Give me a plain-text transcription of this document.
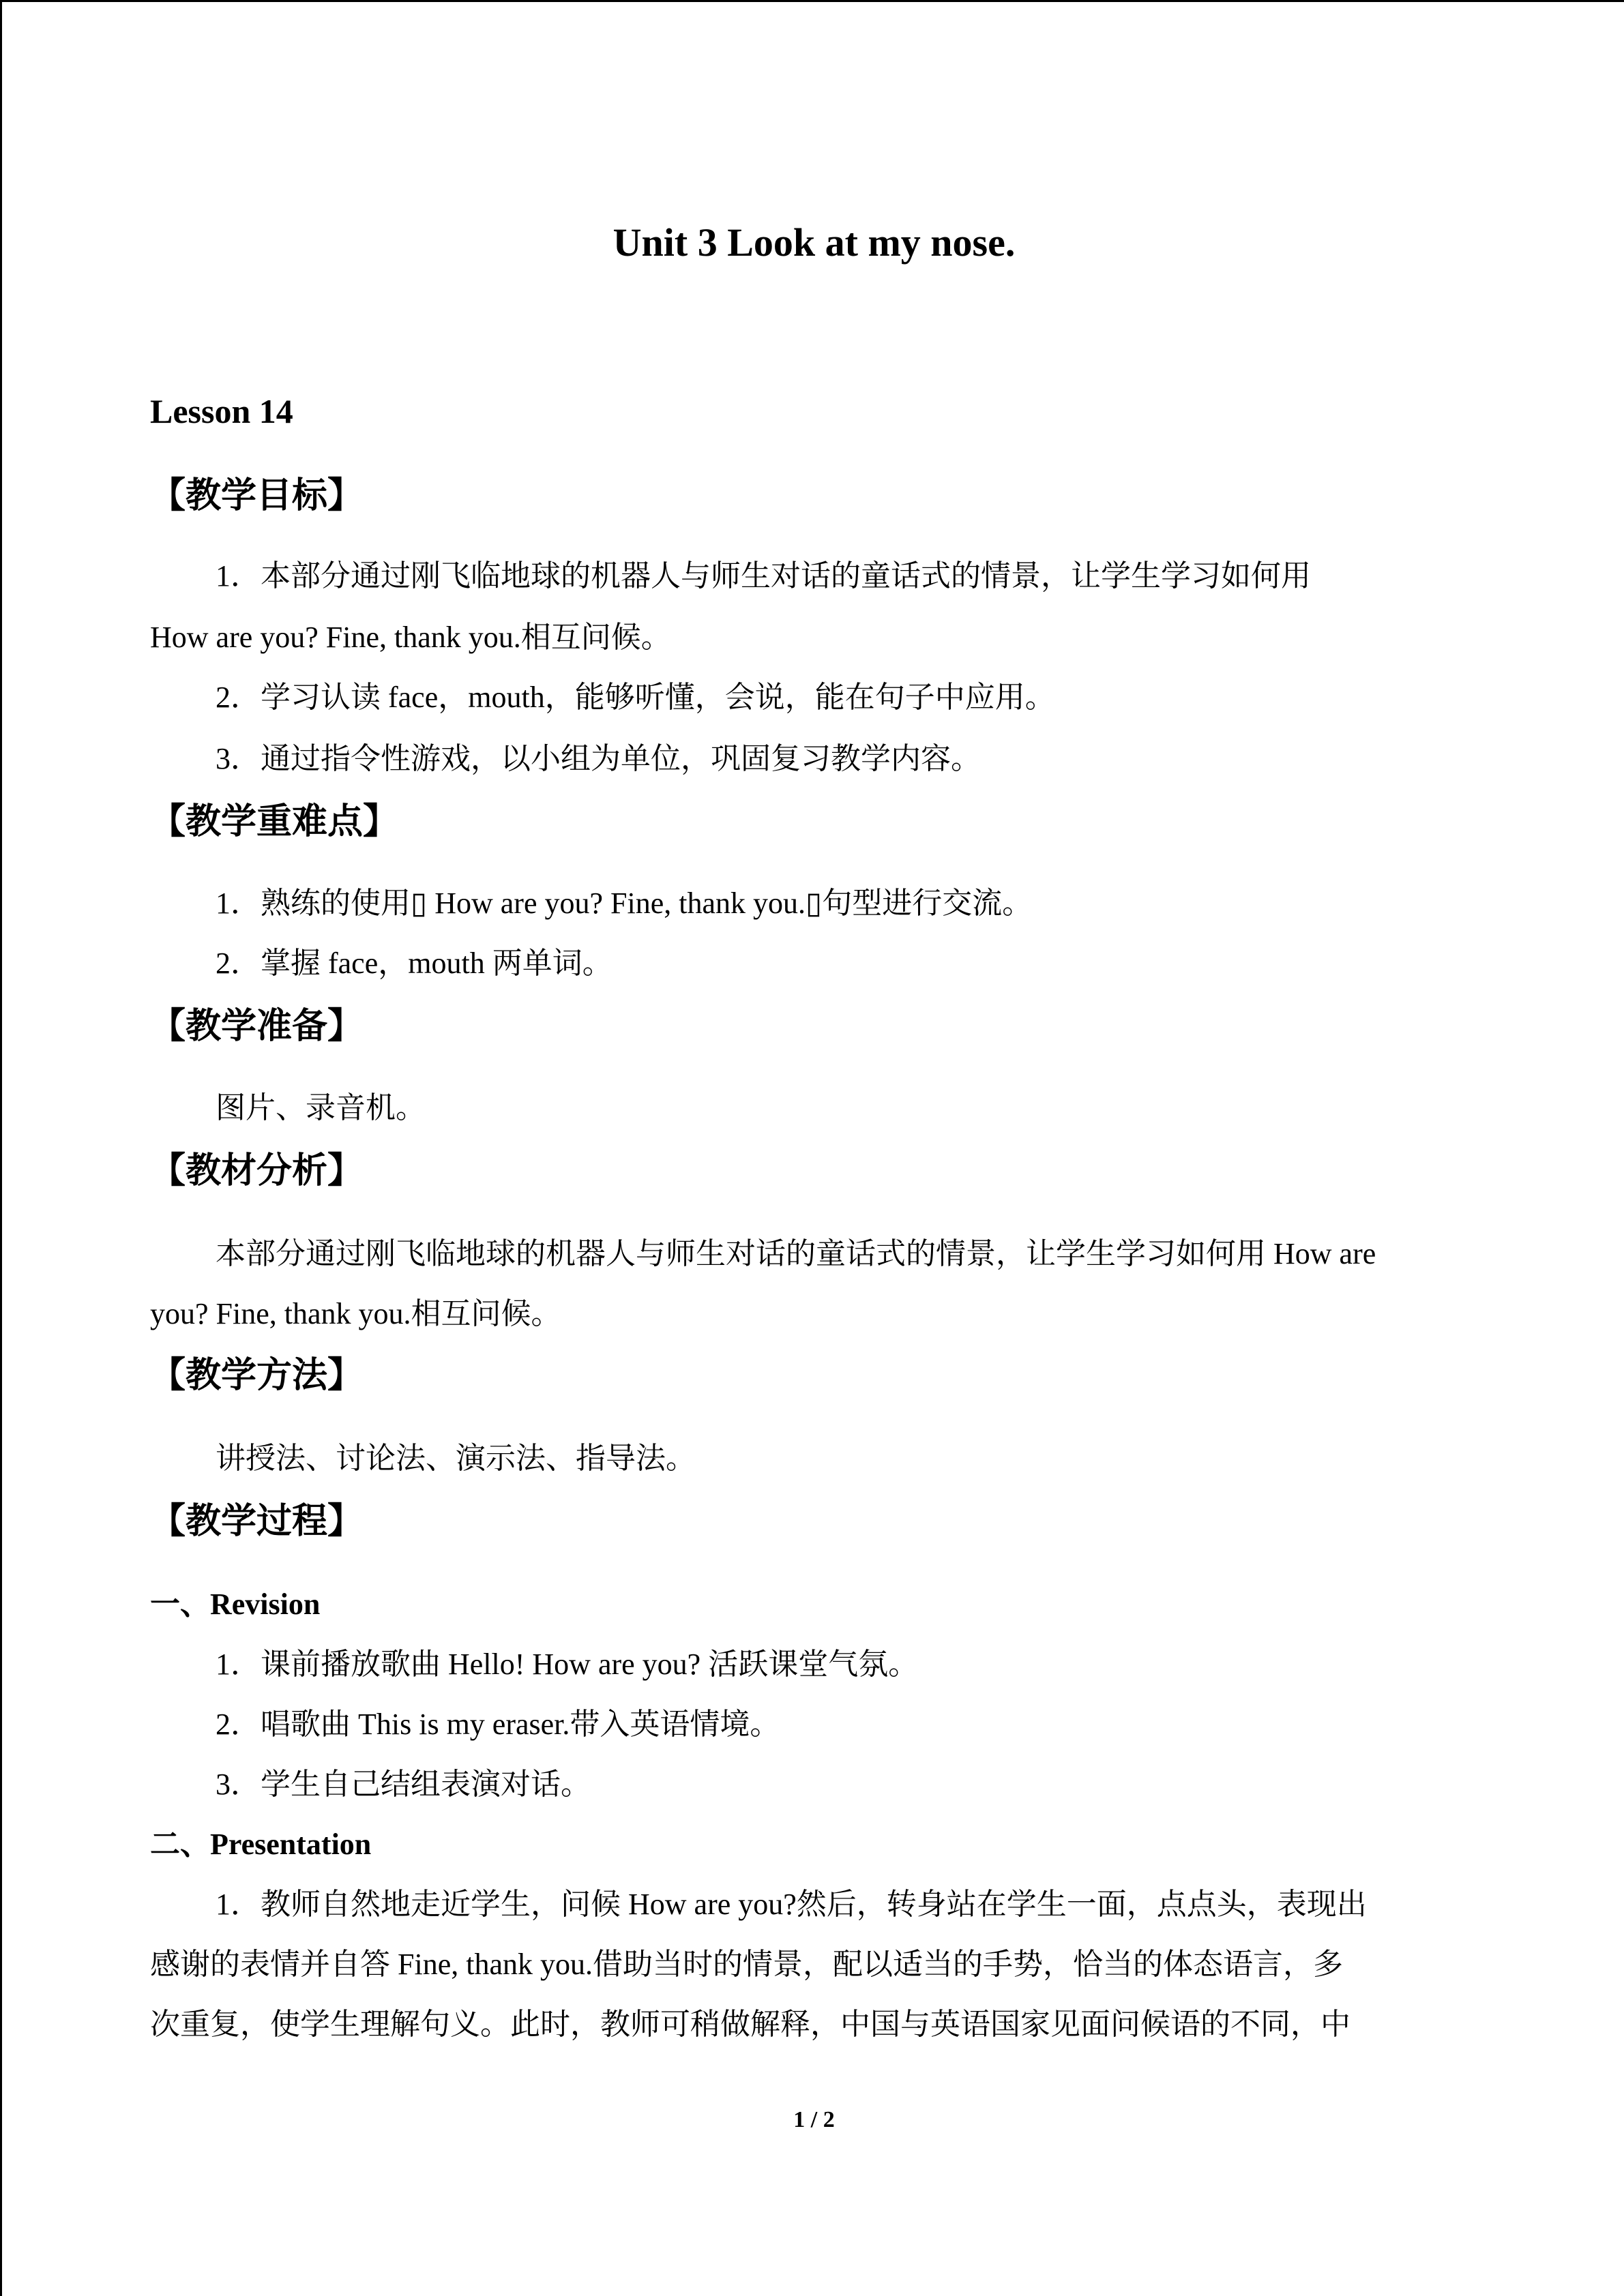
Unit 3 Look at my nose.
Lesson 14
【教学目标】
1．本部分通过刚飞临地球的机器人与师生对话的童话式的情景，让学生学习如何用
How are you? Fine, thank you.相互问候。
2．学习认读 face，mouth，能够听懂，会说，能在句子中应用。
3．通过指令性游戏，以小组为单位，巩固复习教学内容。
【教学重难点】
1．熟练的使用▯ How are you? Fine, thank you.▯句型进行交流。
2．掌握 face，mouth 两单词。
【教学准备】
图片、录音机。
【教材分析】
本部分通过刚飞临地球的机器人与师生对话的童话式的情景，让学生学习如何用 How are
you? Fine, thank you.相互问候。
【教学方法】
讲授法、讨论法、演示法、指导法。
【教学过程】
一、Revision
1．课前播放歌曲 Hello! How are you? 活跃课堂气氛。
2．唱歌曲 This is my eraser.带入英语情境。
3．学生自己结组表演对话。
二、Presentation
1．教师自然地走近学生，问候 How are you?然后，转身站在学生一面，点点头，表现出
感谢的表情并自答 Fine, thank you.借助当时的情景，配以适当的手势，恰当的体态语言，多
次重复，使学生理解句义。此时，教师可稍做解释，中国与英语国家见面问候语的不同，中
1 / 2
